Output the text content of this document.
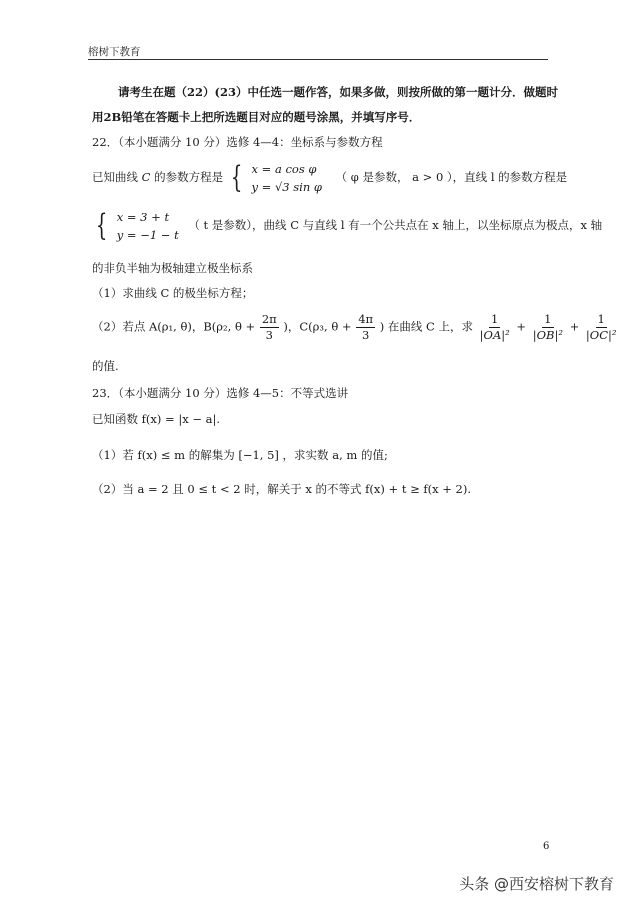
榕树下教育
请考生在题（22）(23）中任选一题作答，如果多做，则按所做的第一题计分．做题时
用2B铅笔在答题卡上把所选题目对应的题号涂黑，并填写序号．
22．（本小题满分 10 分）选修 4—4：坐标系与参数方程
已知曲线 C 的参数方程是 { x = a cos φ
y = √3 sin φ
（ φ 是参数， a > 0 ），直线 l 的参数方程是
{ x = 3 + t
y = −1 − t
（ t 是参数），曲线 C 与直线 l 有一个公共点在 x 轴上，以坐标原点为极点，x 轴
的非负半轴为极轴建立极坐标系
（1）求曲线 C 的极坐标方程；
（2）若点 A(ρ₁, θ)，B(ρ₂, $\theta + \frac{2\pi}{3}$ )，C(ρ₃, $\theta + \frac{4\pi}{3}$ ) 在曲线 C 上，求 $\frac{1}{\text{|OA|²}} + \frac{1}{\text{|OB|²}} + \frac{1}{\text{|OC|²}}$
的值.
23．（本小题满分 10 分）选修 4—5：不等式选讲
已知函数 f(x) = |x − a|.
（1）若 f(x) ≤ m 的解集为 [−1, 5] ，求实数 a, m 的值;
（2）当 a = 2 且 0 ≤ t < 2 时，解关于 x 的不等式 f(x) + t ≥ f(x + 2).
6
头条 @西安榕树下教育
